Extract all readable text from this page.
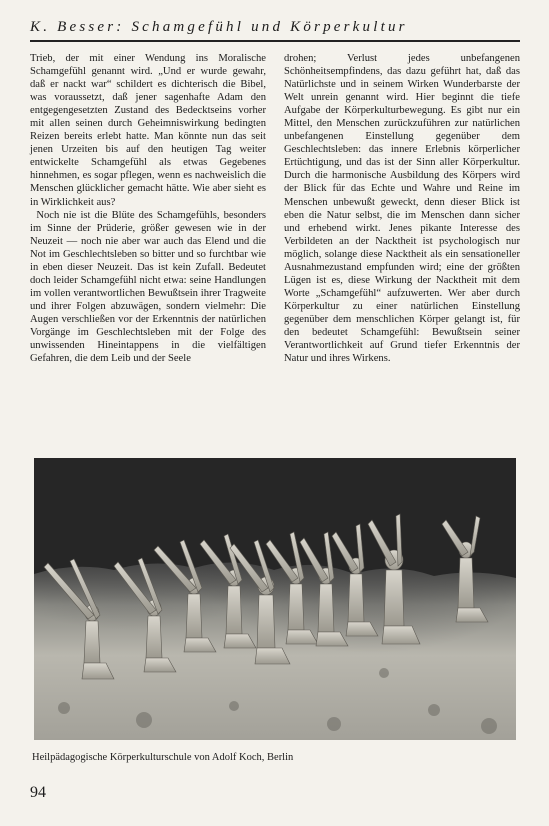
K. Besser: Schamgefühl und Körperkultur

Trieb, der mit einer Wendung ins Moralische Schamgefühl genannt wird. „Und er wurde gewahr, daß er nackt war“ schildert es dichterisch die Bibel, was voraussetzt, daß jener sagenhafte Adam den entgegengesetzten Zustand des Bedecktseins vorher mit allen seinen durch Geheimniswirkung bedingten Reizen bereits erlebt hatte. Man könnte nun das seit jenen Urzeiten bis auf den heutigen Tag weiter entwickelte Schamgefühl als etwas Gegebenes hinnehmen, es sogar pflegen, wenn es nachweislich die Menschen glücklicher gemacht hätte. Wie aber sieht es in Wirklichkeit aus?

Noch nie ist die Blüte des Schamgefühls, besonders im Sinne der Prüderie, größer gewesen wie in der Neuzeit — noch nie aber war auch das Elend und die Not im Geschlechtsleben so bitter und so furchtbar wie in eben dieser Neuzeit. Das ist kein Zufall. Bedeutet doch leider Schamgefühl nicht etwa: seine Handlungen im vollen verantwortlichen Bewußtsein ihrer Tragweite und ihrer Folgen abzuwägen, sondern vielmehr: Die Augen verschließen vor der Erkenntnis der natürlichen Vorgänge im Geschlechtsleben mit der Folge des unwissenden Hineintappens in die vielfältigen Gefahren, die dem Leib und der Seele

drohen; Verlust jedes unbefangenen Schönheitsempfindens, das dazu geführt hat, daß das Natürlichste und in seinem Wirken Wunderbarste der Welt unrein genannt wird. Hier beginnt die tiefe Aufgabe der Körperkulturbewegung. Es gibt nur ein Mittel, den Menschen zurückzuführen zur natürlichen unbefangenen Einstellung gegenüber dem Geschlechtsleben: das innere Erlebnis körperlicher Ertüchtigung, und das ist der Sinn aller Körperkultur. Durch die harmonische Ausbildung des Körpers wird der Blick für das Echte und Wahre und Reine im Menschen unbewußt geweckt, denn dieser Blick ist eben die Natur selbst, die im Menschen dann sicher und erhebend wirkt. Jenes pikante Interesse des Verbildeten an der Nacktheit ist psychologisch nur möglich, solange diese Nacktheit als ein sensationeller Ausnahmezustand empfunden wird; eine der größten Lügen ist es, diese Wirkung der Nacktheit mit dem Worte „Schamgefühl“ aufzuwerten. Wer aber durch Körperkultur zu einer natürlichen Einstellung gegenüber dem menschlichen Körper gelangt ist, für den bedeutet Schamgefühl: Bewußtsein seiner Verantwortlichkeit auf Grund tiefer Erkenntnis der Natur und ihres Wirkens.

Heilpädagogische Körperkulturschule von Adolf Koch, Berlin
94
